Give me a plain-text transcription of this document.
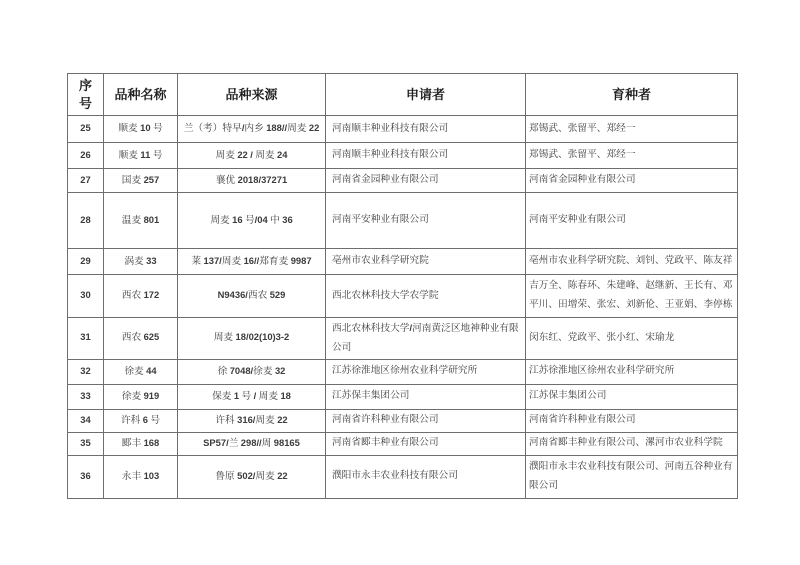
序号	品种名称	品种来源	申请者	育种者
25	顺麦 10 号	兰（考）特早/内乡 188//周麦 22	河南顺丰种业科技有限公司	郑锡武、张留平、郑经一
26	顺麦 11 号	周麦 22 / 周麦 24	河南顺丰种业科技有限公司	郑锡武、张留平、郑经一
27	国麦 257	襄优 2018/37271	河南省金园种业有限公司	河南省金园种业有限公司
28	温麦 801	周麦 16 号/04 中 36	河南平安种业有限公司	河南平安种业有限公司
29	涡麦 33	莱 137/周麦 16//郑育麦 9987	亳州市农业科学研究院	亳州市农业科学研究院、刘钊、党政平、陈友祥
30	西农 172	N9436/西农 529	西北农林科技大学农学院	吉万全、陈春环、朱建峰、赵继新、王长有、邓平川、田增荣、张宏、刘新伦、王亚娟、李停栋
31	西农 625	周麦 18/02(10)3-2	西北农林科技大学/河南黄泛区地神种业有限公司	闵东红、党政平、张小红、宋瑜龙
32	徐麦 44	徐 7048/徐麦 32	江苏徐淮地区徐州农业科学研究所	江苏徐淮地区徐州农业科学研究所
33	徐麦 919	保麦 1 号 / 周麦 18	江苏保丰集团公司	江苏保丰集团公司
34	许科 6 号	许科 316/周麦 22	河南省许科种业有限公司	河南省许科种业有限公司
35	郾丰 168	SP57/兰 298//周 98165	河南省郾丰种业有限公司	河南省郾丰种业有限公司、漯河市农业科学院
36	永丰 103	鲁原 502/周麦 22	濮阳市永丰农业科技有限公司	濮阳市永丰农业科技有限公司、河南五谷种业有限公司
